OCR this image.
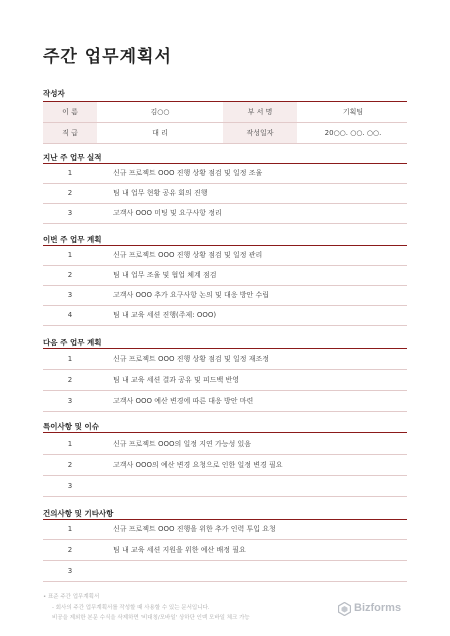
주간 업무계획서
작성자
이 름	김○○	부 서 명	기획팀
직 급	대 리	작성일자	20○○. ○○. ○○.
지난 주 업무 실적
1	신규 프로젝트 OOO 진행 상황 점검 및 일정 조율
2	팀 내 업무 현황 공유 회의 진행
3	고객사 OOO 미팅 및 요구사항 정리
이번 주 업무 계획
1	신규 프로젝트 OOO 진행 상황 점검 및 일정 관리
2	팀 내 업무 조율 및 협업 체계 점검
3	고객사 OOO 추가 요구사항 논의 및 대응 방안 수립
4	팀 내 교육 세션 진행(주제: OOO)
다음 주 업무 계획
1	신규 프로젝트 OOO 진행 상황 점검 및 일정 재조정
2	팀 내 교육 세션 결과 공유 및 피드백 반영
3	고객사 OOO 예산 변경에 따른 대응 방안 마련
특이사항 및 이슈
1	신규 프로젝트 OOO의 일정 지연 가능성 있음
2	고객사 OOO의 예산 변경 요청으로 인한 일정 변경 필요
3
건의사항 및 기타사항
1	신규 프로젝트 OOO 진행을 위한 추가 인력 투입 요청
2	팀 내 교육 세션 지원을 위한 예산 배정 필요
3
• 표준 주간 업무계획서
- 회사의 주간 업무계획서를 작성할 때 사용할 수 있는 문서입니다.
비공을 제외한 본문 수식을 삭제하면 '비대칭/모바일' 상하단 인덱 모바일 체크 가능
Bizforms
